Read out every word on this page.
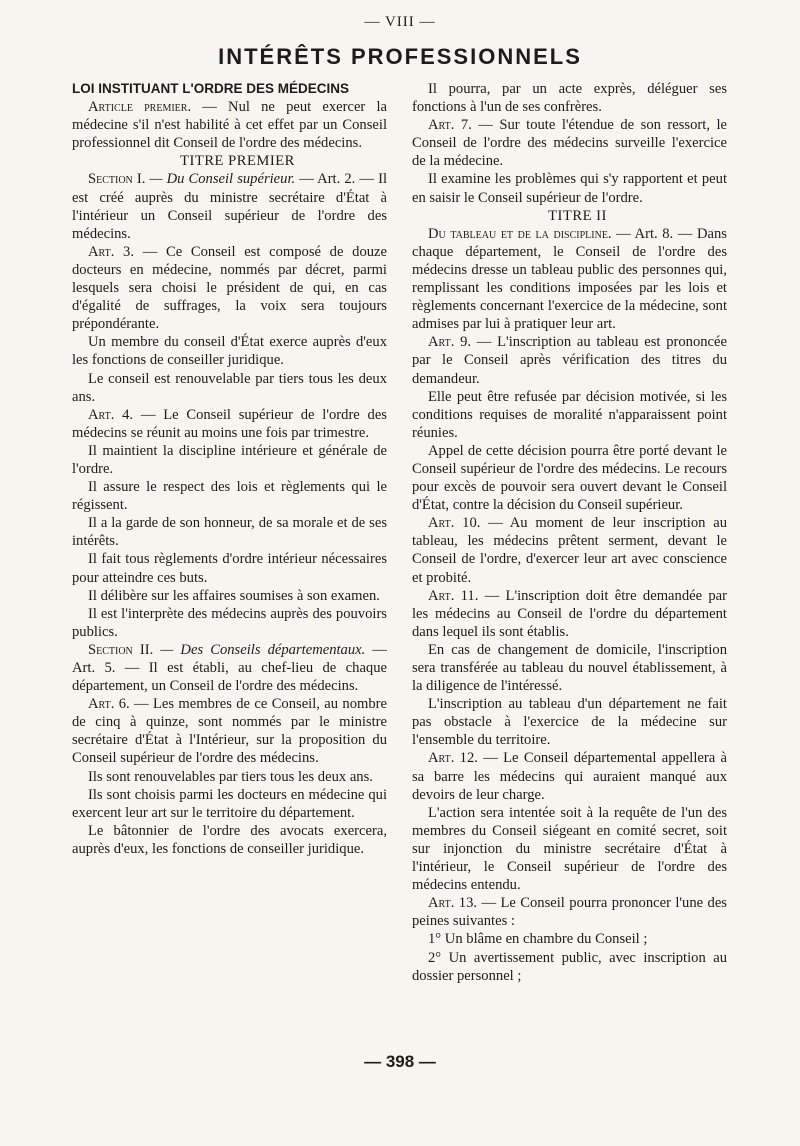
— VIII —
INTÉRÊTS PROFESSIONNELS

LOI INSTITUANT L'ORDRE DES MÉDECINS

Article premier. — Nul ne peut exercer la médecine s'il n'est habilité à cet effet par un Conseil professionnel dit Conseil de l'ordre des médecins.

TITRE PREMIER

Section I. — Du Conseil supérieur. — Art. 2. — Il est créé auprès du ministre secrétaire d'État à l'intérieur un Conseil supérieur de l'ordre des médecins.

Art. 3. — Ce Conseil est composé de douze docteurs en médecine, nommés par décret, parmi lesquels sera choisi le président de qui, en cas d'égalité de suffrages, la voix sera toujours prépondérante.

Un membre du conseil d'État exerce auprès d'eux les fonctions de conseiller juridique.

Le conseil est renouvelable par tiers tous les deux ans.

Art. 4. — Le Conseil supérieur de l'ordre des médecins se réunit au moins une fois par trimestre.

Il maintient la discipline intérieure et générale de l'ordre.

Il assure le respect des lois et règlements qui le régissent.

Il a la garde de son honneur, de sa morale et de ses intérêts.

Il fait tous règlements d'ordre intérieur nécessaires pour atteindre ces buts.

Il délibère sur les affaires soumises à son examen.

Il est l'interprète des médecins auprès des pouvoirs publics.

Section II. — Des Conseils départementaux. — Art. 5. — Il est établi, au chef-lieu de chaque département, un Conseil de l'ordre des médecins.

Art. 6. — Les membres de ce Conseil, au nombre de cinq à quinze, sont nommés par le ministre secrétaire d'État à l'Intérieur, sur la proposition du Conseil supérieur de l'ordre des médecins.

Ils sont renouvelables par tiers tous les deux ans.

Ils sont choisis parmi les docteurs en médecine qui exercent leur art sur le territoire du département.

Le bâtonnier de l'ordre des avocats exercera, auprès d'eux, les fonctions de conseiller juridique.

Il pourra, par un acte exprès, déléguer ses fonctions à l'un de ses confrères.

Art. 7. — Sur toute l'étendue de son ressort, le Conseil de l'ordre des médecins surveille l'exercice de la médecine.

Il examine les problèmes qui s'y rapportent et peut en saisir le Conseil supérieur de l'ordre.

TITRE II

Du tableau et de la discipline. — Art. 8. — Dans chaque département, le Conseil de l'ordre des médecins dresse un tableau public des personnes qui, remplissant les conditions imposées par les lois et règlements concernant l'exercice de la médecine, sont admises par lui à pratiquer leur art.

Art. 9. — L'inscription au tableau est prononcée par le Conseil après vérification des titres du demandeur.

Elle peut être refusée par décision motivée, si les conditions requises de moralité n'apparaissent point réunies.

Appel de cette décision pourra être porté devant le Conseil supérieur de l'ordre des médecins. Le recours pour excès de pouvoir sera ouvert devant le Conseil d'État, contre la décision du Conseil supérieur.

Art. 10. — Au moment de leur inscription au tableau, les médecins prêtent serment, devant le Conseil de l'ordre, d'exercer leur art avec conscience et probité.

Art. 11. — L'inscription doit être demandée par les médecins au Conseil de l'ordre du département dans lequel ils sont établis.

En cas de changement de domicile, l'inscription sera transférée au tableau du nouvel établissement, à la diligence de l'intéressé.

L'inscription au tableau d'un département ne fait pas obstacle à l'exercice de la médecine sur l'ensemble du territoire.

Art. 12. — Le Conseil départemental appellera à sa barre les médecins qui auraient manqué aux devoirs de leur charge.

L'action sera intentée soit à la requête de l'un des membres du Conseil siégeant en comité secret, soit sur injonction du ministre secrétaire d'État à l'intérieur, le Conseil supérieur de l'ordre des médecins entendu.

Art. 13. — Le Conseil pourra prononcer l'une des peines suivantes :

1° Un blâme en chambre du Conseil ;

2° Un avertissement public, avec inscription au dossier personnel ;

— 398 —
